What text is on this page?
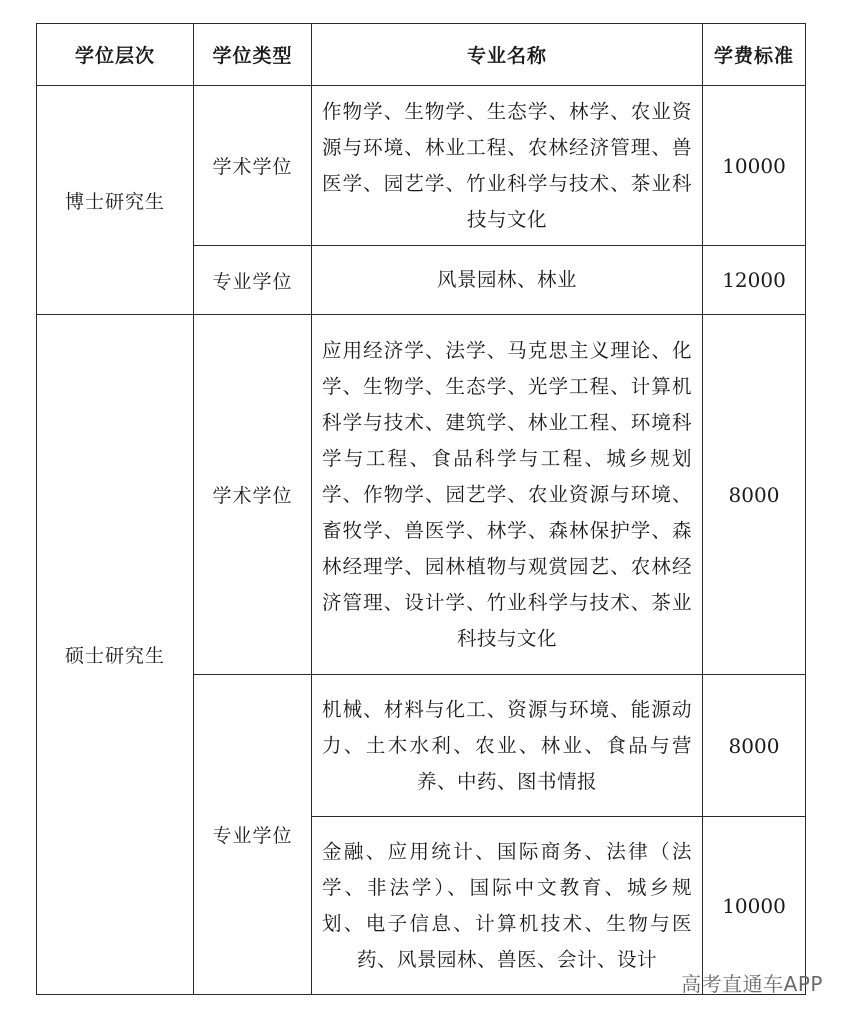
学位层次	学位类型	专业名称	学费标准
博士研究生	学术学位	作物学、生物学、生态学、林学、农业资源与环境、林业工程、农林经济管理、兽医学、园艺学、竹业科学与技术、茶业科技与文化	10000
	专业学位	风景园林、林业	12000
硕士研究生	学术学位	应用经济学、法学、马克思主义理论、化学、生物学、生态学、光学工程、计算机科学与技术、建筑学、林业工程、环境科学与工程、食品科学与工程、城乡规划学、作物学、园艺学、农业资源与环境、畜牧学、兽医学、林学、森林保护学、森林经理学、园林植物与观赏园艺、农林经济管理、设计学、竹业科学与技术、茶业科技与文化	8000
	专业学位	机械、材料与化工、资源与环境、能源动力、土木水利、农业、林业、食品与营养、中药、图书情报	8000

		金融、应用统计、国际商务、法律（法学、非法学）、国际中文教育、城乡规划、电子信息、计算机技术、生物与医药、风景园林、兽医、会计、设计	10000
高考直通车APP
